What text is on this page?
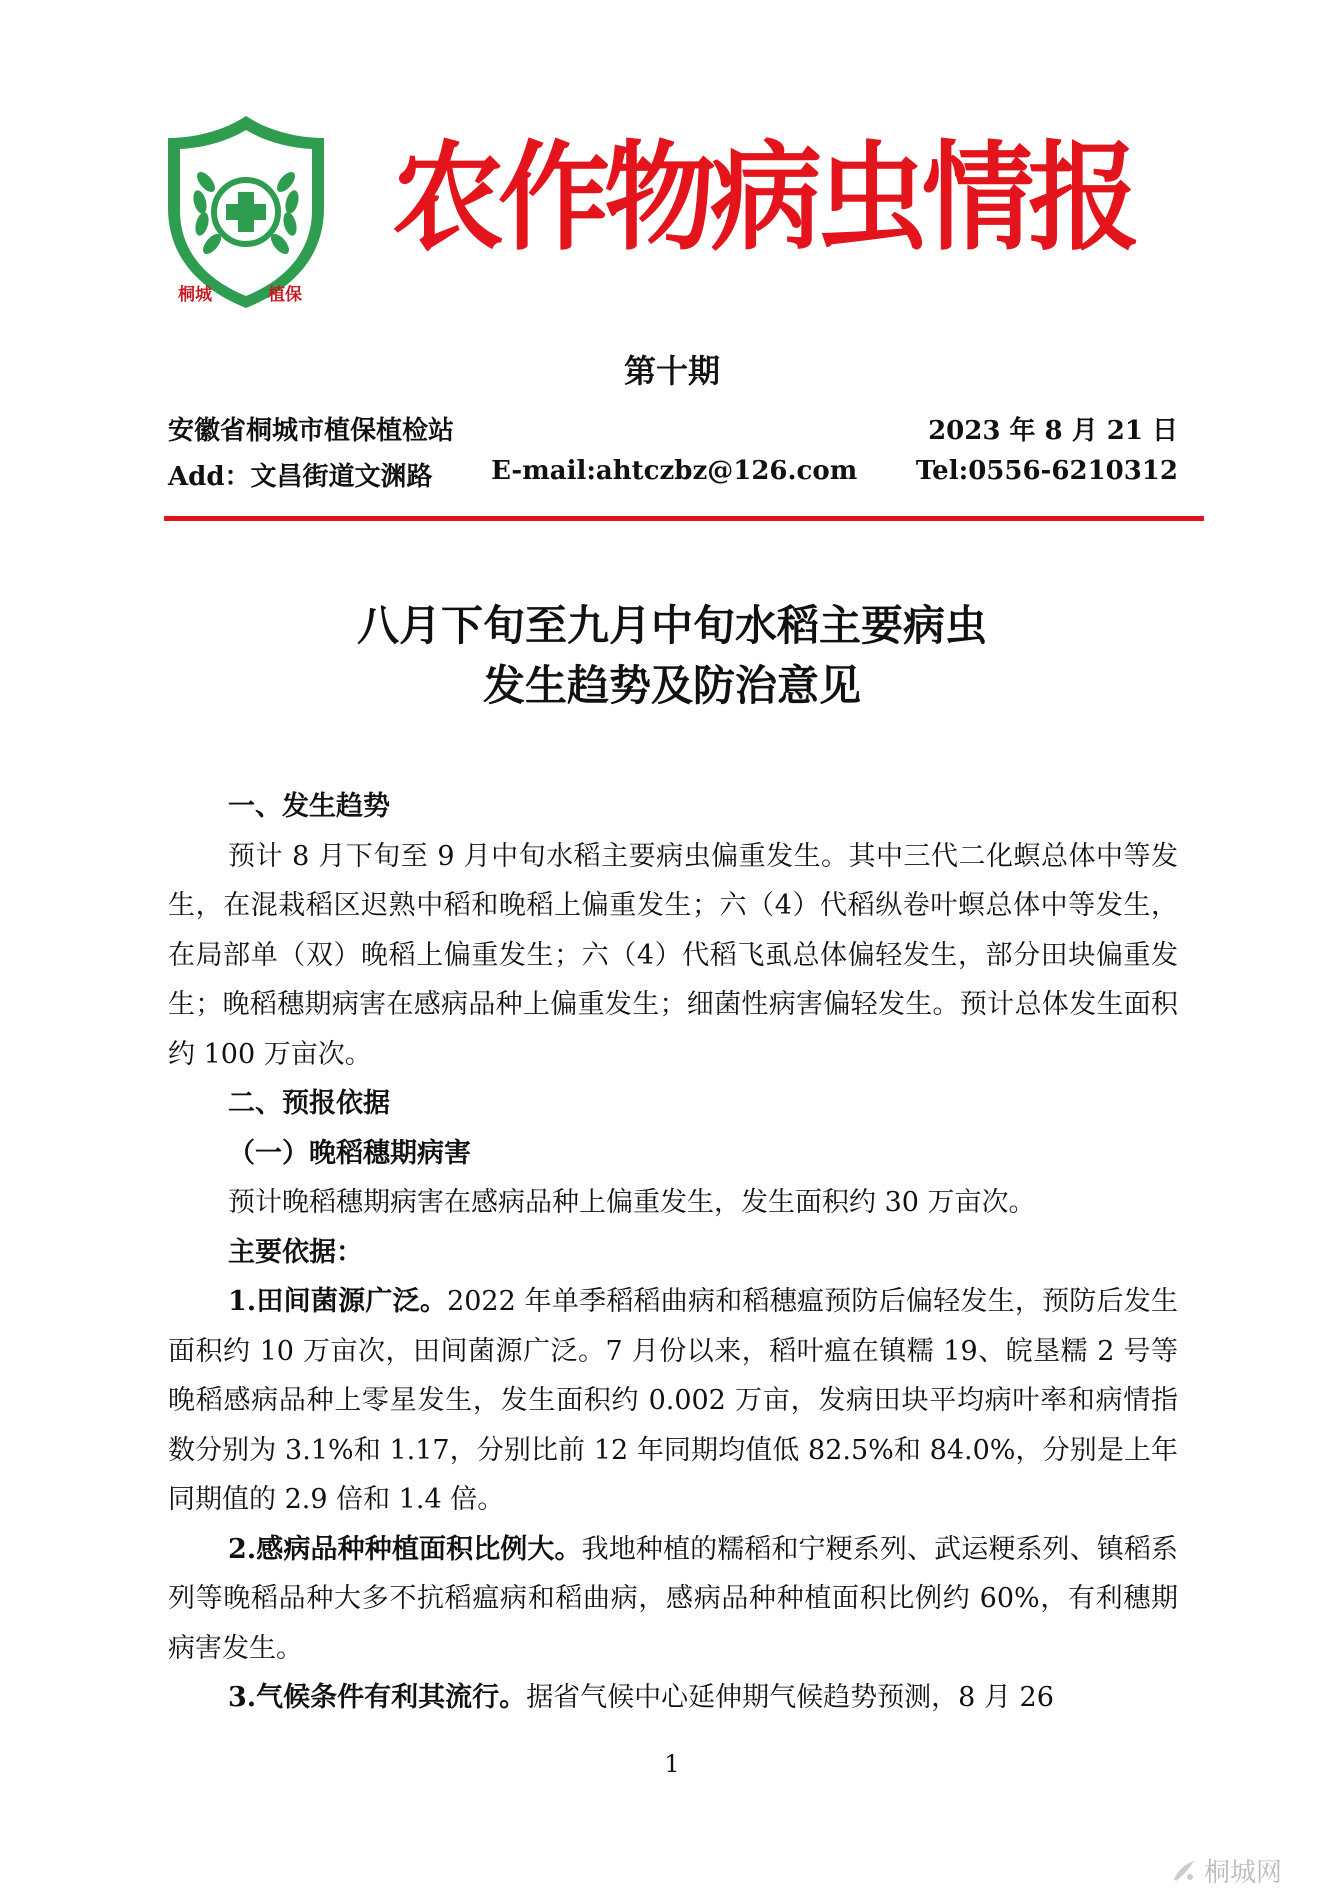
桐城	植保
农作物病虫情报
第十期
安徽省桐城市植保植检站	2023 年 8 月 21 日
Add：文昌街道文渊路 E-mail:ahtczbz@126.com Tel:0556-6210312
八月下旬至九月中旬水稻主要病虫
发生趋势及防治意见

一、发生趋势

预计 8 月下旬至 9 月中旬水稻主要病虫偏重发生。其中三代二化螟总体中等发生，在混栽稻区迟熟中稻和晚稻上偏重发生；六（4）代稻纵卷叶螟总体中等发生，在局部单（双）晚稻上偏重发生；六（4）代稻飞虱总体偏轻发生，部分田块偏重发生；晚稻穗期病害在感病品种上偏重发生；细菌性病害偏轻发生。预计总体发生面积约 100 万亩次。

二、预报依据

（一）晚稻穗期病害

预计晚稻穗期病害在感病品种上偏重发生，发生面积约 30 万亩次。

主要依据：

1.田间菌源广泛。2022 年单季稻稻曲病和稻穗瘟预防后偏轻发生，预防后发生面积约 10 万亩次，田间菌源广泛。7 月份以来，稻叶瘟在镇糯 19、皖垦糯 2 号等晚稻感病品种上零星发生，发生面积约 0.002 万亩，发病田块平均病叶率和病情指数分别为 3.1%和 1.17，分别比前 12 年同期均值低 82.5%和 84.0%，分别是上年同期值的 2.9 倍和 1.4 倍。

2.感病品种种植面积比例大。我地种植的糯稻和宁粳系列、武运粳系列、镇稻系列等晚稻品种大多不抗稻瘟病和稻曲病，感病品种种植面积比例约 60%，有利穗期病害发生。

3.气候条件有利其流行。据省气候中心延伸期气候趋势预测，8 月 26

1
桐城网
